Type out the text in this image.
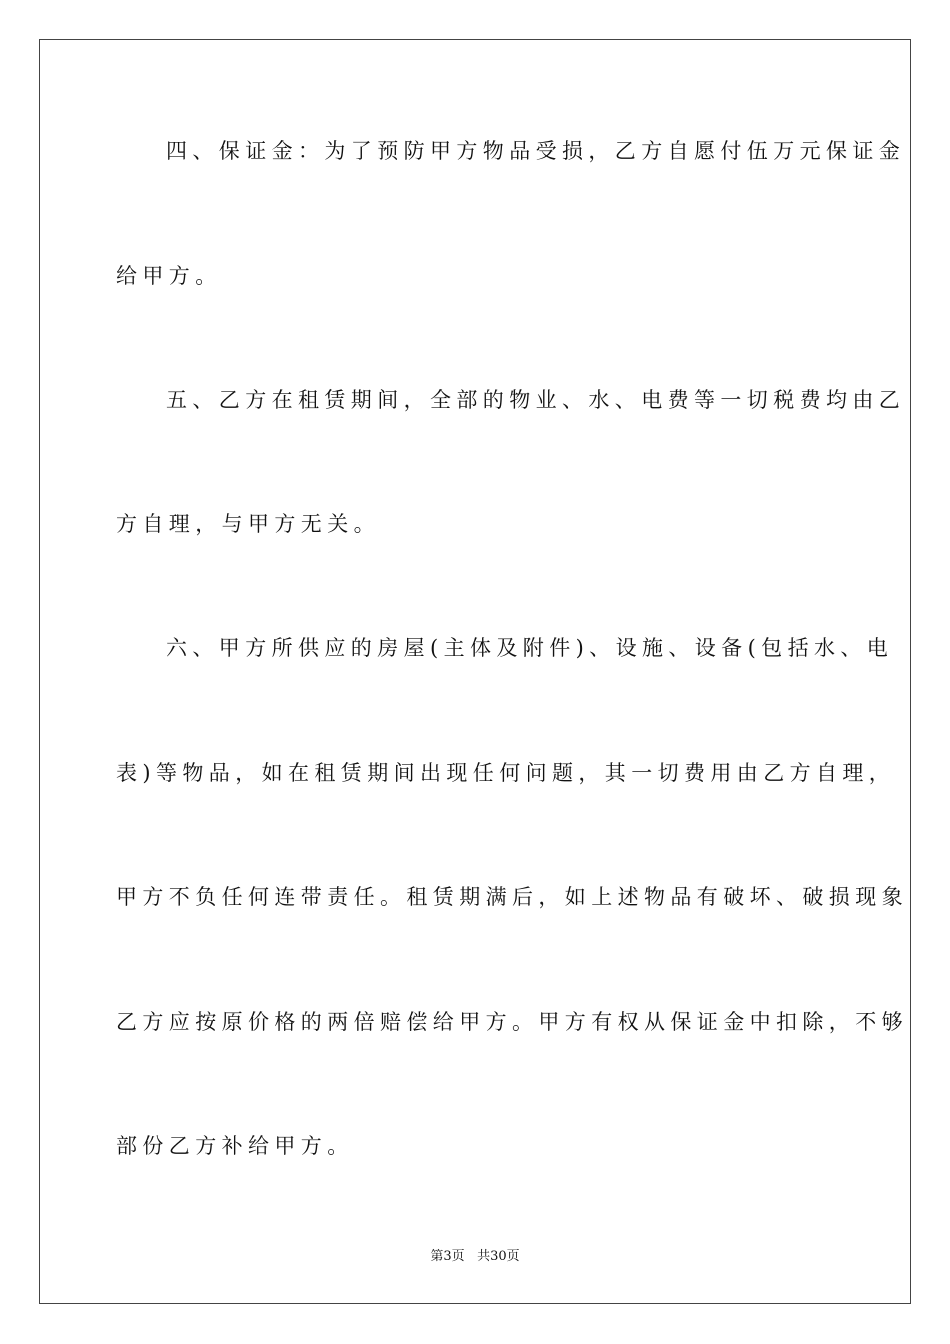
四、保证金：为了预防甲方物品受损，乙方自愿付伍万元保证金
给甲方。
五、乙方在租赁期间，全部的物业、水、电费等一切税费均由乙
方自理，与甲方无关。
六、甲方所供应的房屋(主体及附件)、设施、设备(包括水、电
表)等物品，如在租赁期间出现任何问题，其一切费用由乙方自理，
甲方不负任何连带责任。租赁期满后，如上述物品有破坏、破损现象
乙方应按原价格的两倍赔偿给甲方。甲方有权从保证金中扣除，不够
部份乙方补给甲方。
第3页 共30页
